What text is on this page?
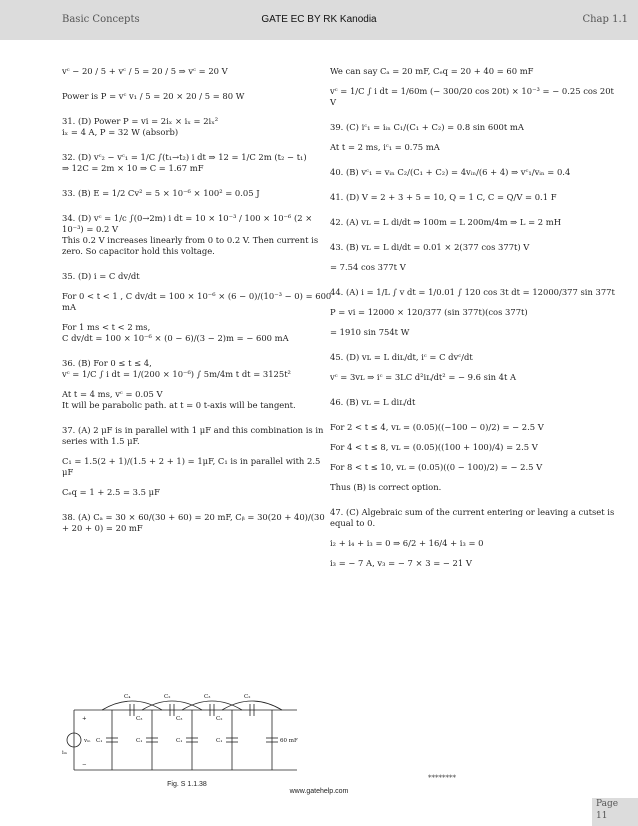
Basic Concepts	GATE EC BY RK Kanodia	Chap 1.1

vᶜ − 20 / 5 + vᶜ / 5 = 20 / 5 ⇒ vᶜ = 20 V

Power is P = vᶜ v₁ / 5 = 20 × 20 / 5 = 80 W

31. (D) Power P = vi = 2iₓ × iₓ = 2iₓ²

iₓ = 4 A, P = 32 W (absorb)

32. (D) vᶜ₂ − vᶜ₁ = 1/C ∫(t₁→t₂) i dt ⇒ 12 = 1/C 2m (t₂ − t₁)

⇒ 12C = 2m × 10 ⇒ C = 1.67 mF

33. (B) E = 1/2 Cv² = 5 × 10⁻⁶ × 100² = 0.05 J

34. (D) vᶜ = 1/c ∫(0→2m) i dt = 10 × 10⁻³ / 100 × 10⁻⁶ (2 × 10⁻³) = 0.2 V

This 0.2 V increases linearly from 0 to 0.2 V. Then current is zero. So capacitor hold this voltage.

35. (D) i = C dv/dt

For 0 < t < 1 , C dv/dt = 100 × 10⁻⁶ × (6 − 0)/(10⁻³ − 0) = 600 mA

For 1 ms < t < 2 ms,

C dv/dt = 100 × 10⁻⁶ × (0 − 6)/(3 − 2)m = − 600 mA

36. (B) For 0 ≤ t ≤ 4,

vᶜ = 1/C ∫ i dt = 1/(200 × 10⁻⁶) ∫ 5m/4m t dt = 3125t²

At t = 4 ms, vᶜ = 0.05 V

It will be parabolic path. at t = 0 t-axis will be tangent.

37. (A) 2 μF is in parallel with 1 μF and this combination is in series with 1.5 μF.

C₁ = 1.5(2 + 1)/(1.5 + 2 + 1) = 1μF, C₁ is in parallel with 2.5 μF

Cₑq = 1 + 2.5 = 3.5 μF

38. (A) Cₐ = 30 × 60/(30 + 60) = 20 mF, Cᵦ = 30(20 + 40)/(30 + 20 + 0) = 20 mF

C₄	C₂	C₃	C₂
C₃	C₃	C₂
C₁	C₁	C₁	C₁	60 mF
iᵢₙ
vᵢₙ
+
−
Fig. S 1.1.38

We can say Cₐ = 20 mF, Cₑq = 20 + 40 = 60 mF

vᶜ = 1/C ∫ i dt = 1/60m (− 300/20 cos 20t) × 10⁻³ = − 0.25 cos 20t V

39. (C) iᶜ₁ = iᵢₙ C₁/(C₁ + C₂) = 0.8 sin 600t mA

At t = 2 ms, iᶜ₁ = 0.75 mA

40. (B) vᶜ₁ = vᵢₙ C₂/(C₁ + C₂) = 4vᵢₙ/(6 + 4) ⇒ vᶜ₁/vᵢₙ = 0.4

41. (D) V = 2 + 3 + 5 = 10, Q = 1 C, C = Q/V = 0.1 F

42. (A) vʟ = L di/dt ⇒ 100m = L 200m/4m ⇒ L = 2 mH

43. (B) vʟ = L di/dt = 0.01 × 2(377 cos 377t) V

= 7.54 cos 377t V

44. (A) i = 1/L ∫ v dt = 1/0.01 ∫ 120 cos 3t dt = 12000/377 sin 377t

P = vi = 12000 × 120/377 (sin 377t)(cos 377t)

= 1910 sin 754t W

45. (D) vʟ = L diʟ/dt, iᶜ = C dvᶜ/dt

vᶜ = 3vʟ ⇒ iᶜ = 3LC d²iʟ/dt² = − 9.6 sin 4t A

46. (B) vʟ = L diʟ/dt

For 2 < t ≤ 4, vʟ = (0.05)((−100 − 0)/2) = − 2.5 V

For 4 < t ≤ 8, vʟ = (0.05)((100 + 100)/4) = 2.5 V

For 8 < t ≤ 10, vʟ = (0.05)((0 − 100)/2) = − 2.5 V

Thus (B) is correct option.

47. (C) Algebraic sum of the current entering or leaving a cutset is equal to 0.

i₂ + i₄ + i₃ = 0 ⇒ 6/2 + 16/4 + i₃ = 0

i₃ = − 7 A, v₃ = − 7 × 3 = − 21 V

********
www.gatehelp.com
Page
11
